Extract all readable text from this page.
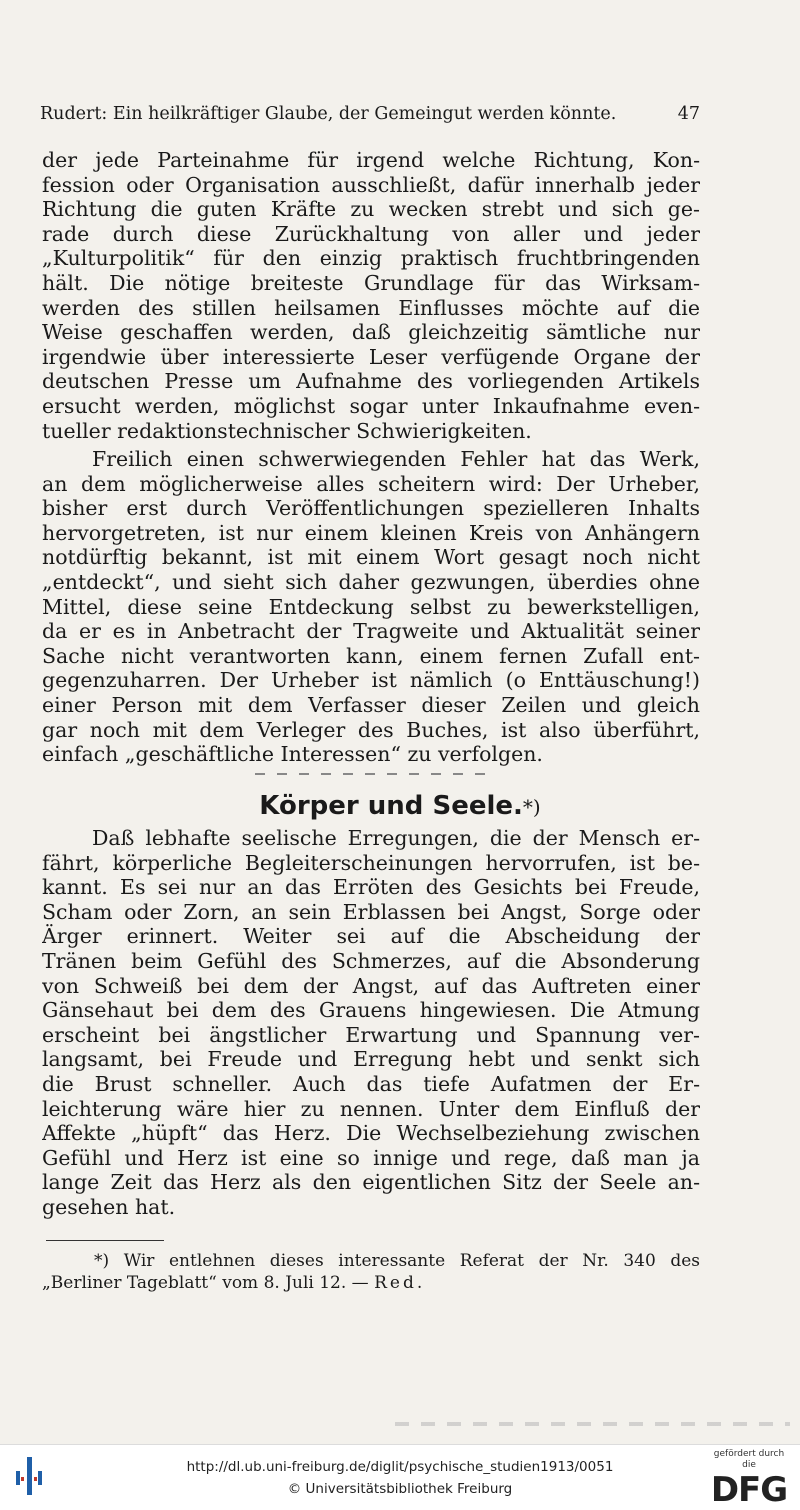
Rudert: Ein heilkräftiger Glaube, der Gemeingut werden könnte.	47
der jede Parteinahme für irgend welche Richtung, Kon-
fession oder Organisation ausschließt, dafür innerhalb jeder
Richtung die guten Kräfte zu wecken strebt und sich ge-
rade durch diese Zurückhaltung von aller und jeder
„Kulturpolitik“ für den einzig praktisch fruchtbringenden
hält. Die nötige breiteste Grundlage für das Wirksam-
werden des stillen heilsamen Einflusses möchte auf die
Weise geschaffen werden, daß gleichzeitig sämtliche nur
irgendwie über interessierte Leser verfügende Organe der
deutschen Presse um Aufnahme des vorliegenden Artikels
ersucht werden, möglichst sogar unter Inkaufnahme even-
tueller redaktionstechnischer Schwierigkeiten.
Freilich einen schwerwiegenden Fehler hat das Werk,
an dem möglicherweise alles scheitern wird: Der Urheber,
bisher erst durch Veröffentlichungen spezielleren Inhalts
hervorgetreten, ist nur einem kleinen Kreis von Anhängern
notdürftig bekannt, ist mit einem Wort gesagt noch nicht
„entdeckt“, und sieht sich daher gezwungen, überdies ohne
Mittel, diese seine Entdeckung selbst zu bewerkstelligen,
da er es in Anbetracht der Tragweite und Aktualität seiner
Sache nicht verantworten kann, einem fernen Zufall ent-
gegenzuharren. Der Urheber ist nämlich (o Enttäuschung!)
einer Person mit dem Verfasser dieser Zeilen und gleich
gar noch mit dem Verleger des Buches, ist also überführt,
einfach „geschäftliche Interessen“ zu verfolgen.
Körper und Seele.*)
Daß lebhafte seelische Erregungen, die der Mensch er-
fährt, körperliche Begleiterscheinungen hervorrufen, ist be-
kannt. Es sei nur an das Erröten des Gesichts bei Freude,
Scham oder Zorn, an sein Erblassen bei Angst, Sorge oder
Ärger erinnert. Weiter sei auf die Abscheidung der
Tränen beim Gefühl des Schmerzes, auf die Absonderung
von Schweiß bei dem der Angst, auf das Auftreten einer
Gänsehaut bei dem des Grauens hingewiesen. Die Atmung
erscheint bei ängstlicher Erwartung und Spannung ver-
langsamt, bei Freude und Erregung hebt und senkt sich
die Brust schneller. Auch das tiefe Aufatmen der Er-
leichterung wäre hier zu nennen. Unter dem Einfluß der
Affekte „hüpft“ das Herz. Die Wechselbeziehung zwischen
Gefühl und Herz ist eine so innige und rege, daß man ja
lange Zeit das Herz als den eigentlichen Sitz der Seele an-
gesehen hat.
*) Wir entlehnen dieses interessante Referat der Nr. 340 des
„Berliner Tageblatt“ vom 8. Juli 12. — Red.
http://dl.ub.uni-freiburg.de/diglit/psychische_studien1913/0051
© Universitätsbibliothek Freiburg
gefördert durch die
DFG
